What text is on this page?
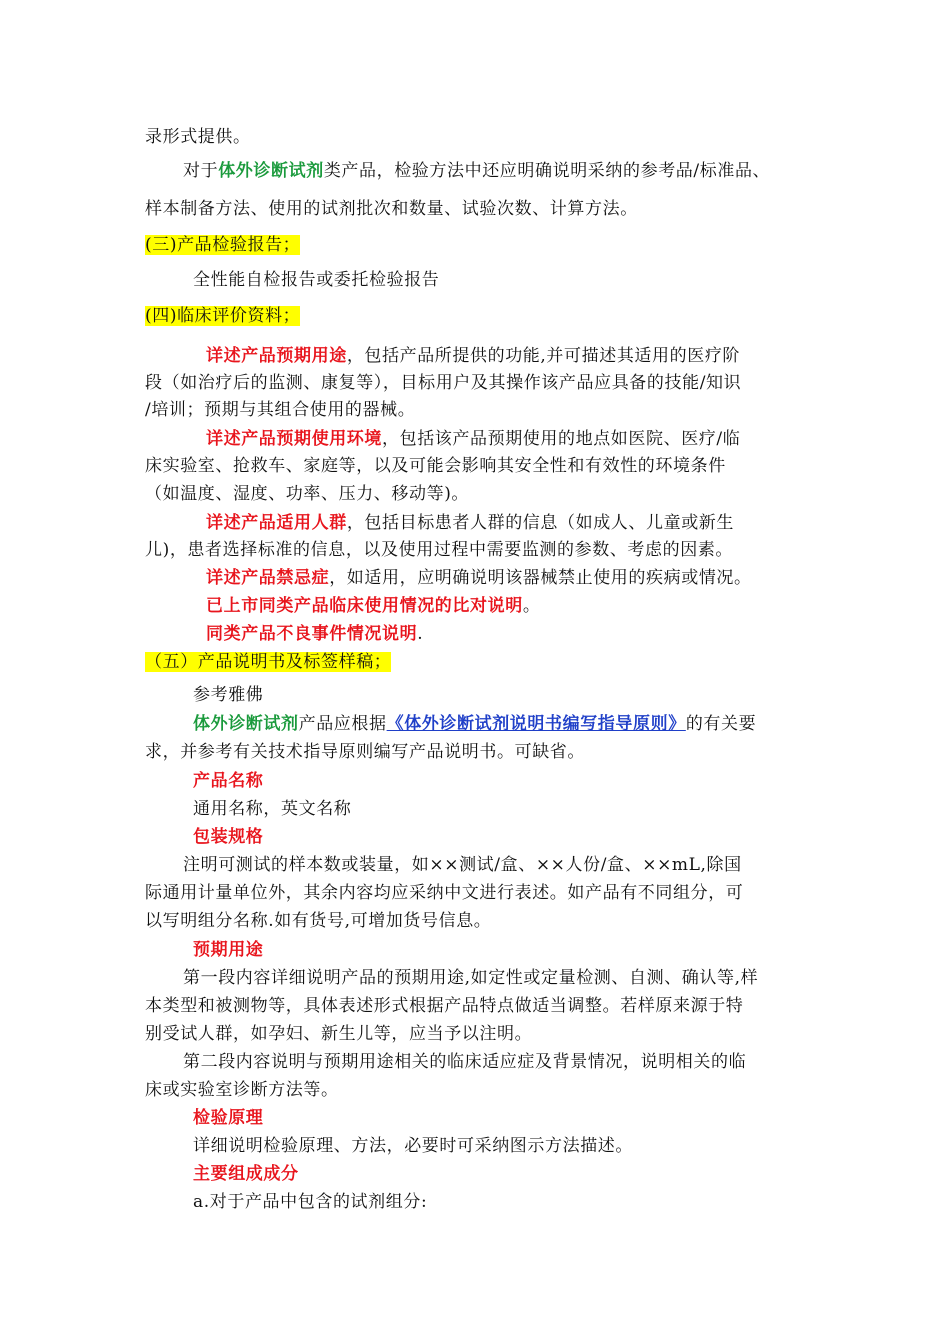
录形式提供。
对于体外诊断试剂类产品，检验方法中还应明确说明采纳的参考品/标准品、
样本制备方法、使用的试剂批次和数量、试验次数、计算方法。
(三)产品检验报告；
全性能自检报告或委托检验报告
(四)临床评价资料；
详述产品预期用途，包括产品所提供的功能,并可描述其适用的医疗阶
段（如治疗后的监测、康复等），目标用户及其操作该产品应具备的技能/知识
/培训；预期与其组合使用的器械。
详述产品预期使用环境，包括该产品预期使用的地点如医院、医疗/临
床实验室、抢救车、家庭等，以及可能会影响其安全性和有效性的环境条件
（如温度、湿度、功率、压力、移动等)。
详述产品适用人群，包括目标患者人群的信息（如成人、儿童或新生
儿)，患者选择标准的信息，以及使用过程中需要监测的参数、考虑的因素。
详述产品禁忌症，如适用，应明确说明该器械禁止使用的疾病或情况。
已上市同类产品临床使用情况的比对说明。
同类产品不良事件情况说明.
（五）产品说明书及标签样稿；
参考雅佛
体外诊断试剂产品应根据《体外诊断试剂说明书编写指导原则》的有关要
求，并参考有关技术指导原则编写产品说明书。可缺省。
产品名称
通用名称，英文名称
包装规格
注明可测试的样本数或装量，如××测试/盒、××人份/盒、××mL,除国
际通用计量单位外，其余内容均应采纳中文进行表述。如产品有不同组分，可
以写明组分名称.如有货号,可增加货号信息。
预期用途
第一段内容详细说明产品的预期用途,如定性或定量检测、自测、确认等,样
本类型和被测物等，具体表述形式根据产品特点做适当调整。若样原来源于特
别受试人群，如孕妇、新生儿等，应当予以注明。
第二段内容说明与预期用途相关的临床适应症及背景情况，说明相关的临
床或实验室诊断方法等。
检验原理
详细说明检验原理、方法，必要时可采纳图示方法描述。
主要组成成分
a.对于产品中包含的试剂组分:
